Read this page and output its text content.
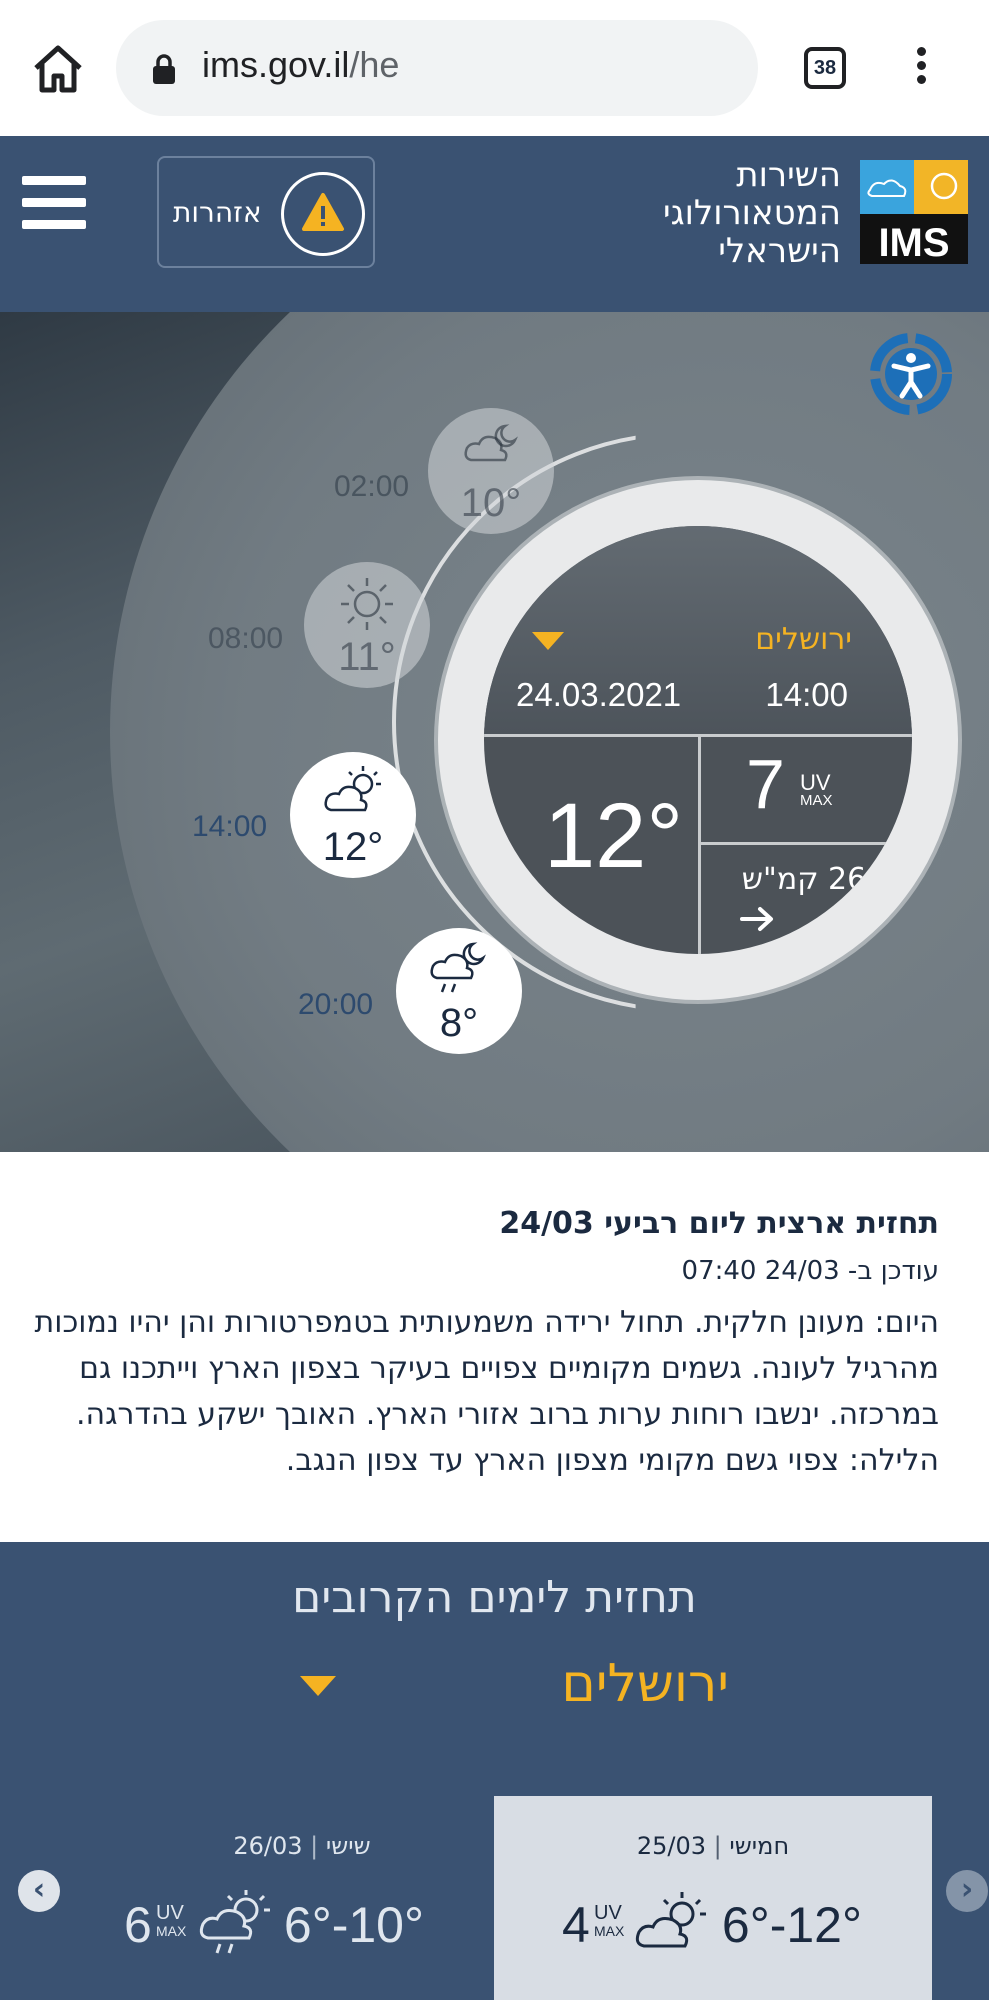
ims.gov.il/he	38
אזהרות
השירות
המטאורולוגי
הישראלי IMS
02:00	10°
08:00	11°
14:00	12°
20:00	8°
ירושלים
24.03.2021	14:00
12°
7 UV
MAX
26 קמ"ש
תחזית ארצית ליום רביעי 24/03
עודכן ב- 24/03 07:40
היום: מעונן חלקית. תחול ירידה משמעותית בטמפרטורות והן יהיו נמוכות מהרגיל לעונה. גשמים מקומיים צפויים בעיקר בצפון הארץ וייתכנו גם במרכזה. ינשבו רוחות ערות ברוב אזורי הארץ. האובך ישקע בהדרגה. הלילה: צפוי גשם מקומי מצפון הארץ עד צפון הנגב.
תחזית לימים הקרובים
ירושלים
חמישי | 25/03
6°-12°
4 UV
MAX
שישי | 26/03
6°-10°
6 UV
MAX
‹	›
